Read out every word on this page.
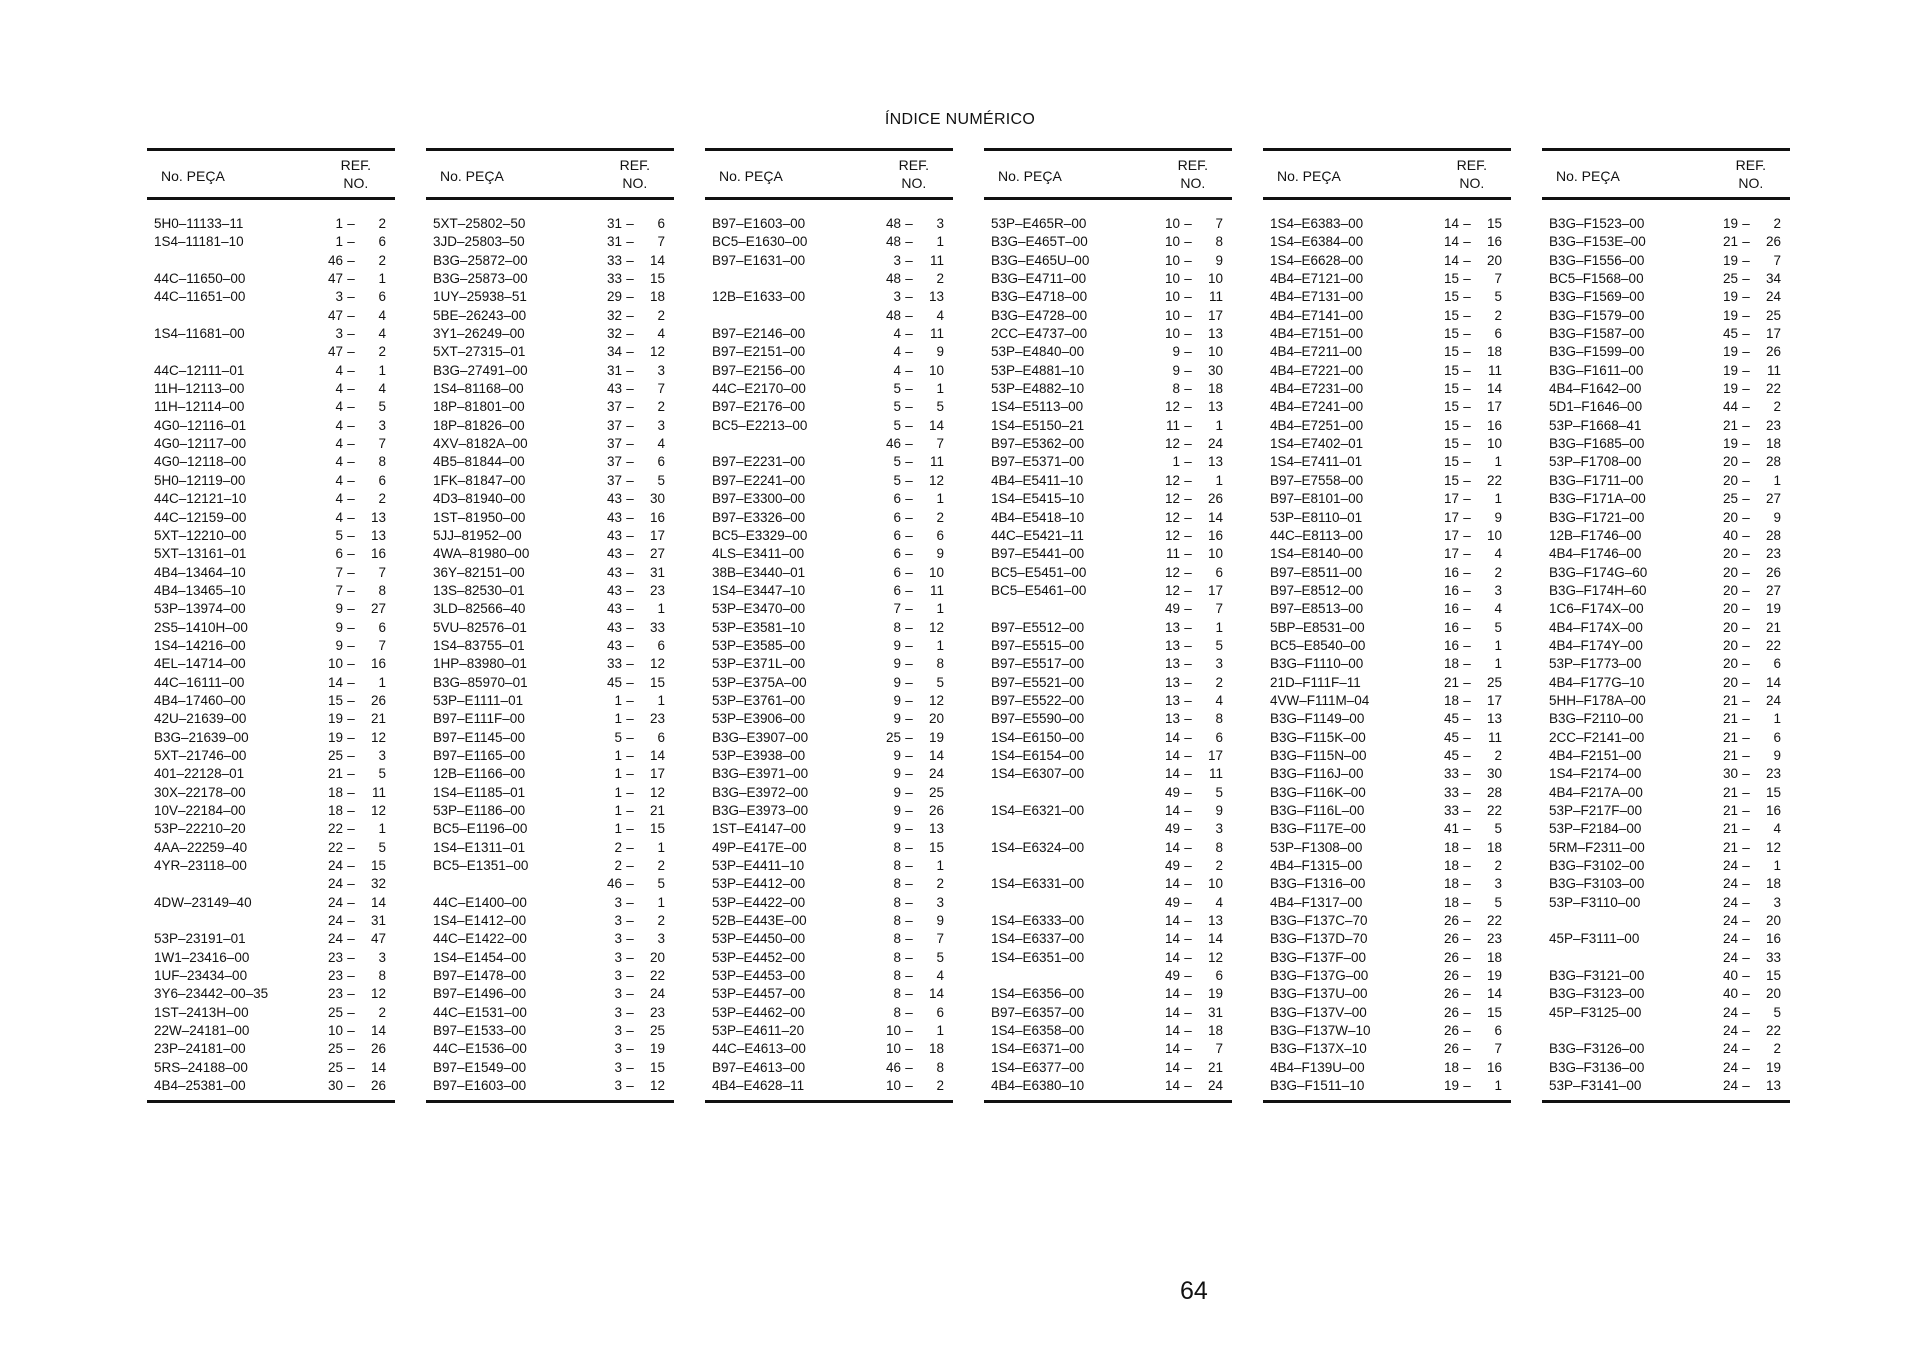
ÍNDICE NUMÉRICO
No. PEÇA
REF.
NO.
5H0–11133–11	1 –	2
1S4–11181–10	1 –	6
46 –	2
44C–11650–00	47 –	1
44C–11651–00	3 –	6
47 –	4
1S4–11681–00	3 –	4
47 –	2
44C–12111–01	4 –	1
11H–12113–00	4 –	4
11H–12114–00	4 –	5
4G0–12116–01	4 –	3
4G0–12117–00	4 –	7
4G0–12118–00	4 –	8
5H0–12119–00	4 –	6
44C–12121–10	4 –	2
44C–12159–00	4 –	13
5XT–12210–00	5 –	13
5XT–13161–01	6 –	16
4B4–13464–10	7 –	7
4B4–13465–10	7 –	8
53P–13974–00	9 –	27
2S5–1410H–00	9 –	6
1S4–14216–00	9 –	7
4EL–14714–00	10 –	16
44C–16111–00	14 –	1
4B4–17460–00	15 –	26
42U–21639–00	19 –	21
B3G–21639–00	19 –	12
5XT–21746–00	25 –	3
401–22128–01	21 –	5
30X–22178–00	18 –	11
10V–22184–00	18 –	12
53P–22210–20	22 –	1
4AA–22259–40	22 –	5
4YR–23118–00	24 –	15
24 –	32
4DW–23149–40	24 –	14
24 –	31
53P–23191–01	24 –	47
1W1–23416–00	23 –	3
1UF–23434–00	23 –	8
3Y6–23442–00–35	23 –	12
1ST–2413H–00	25 –	2
22W–24181–00	10 –	14
23P–24181–00	25 –	26
5RS–24188–00	25 –	14
4B4–25381–00	30 –	26
No. PEÇA
REF.
NO.
5XT–25802–50	31 –	6
3JD–25803–50	31 –	7
B3G–25872–00	33 –	14
B3G–25873–00	33 –	15
1UY–25938–51	29 –	18
5BE–26243–00	32 –	2
3Y1–26249–00	32 –	4
5XT–27315–01	34 –	12
B3G–27491–00	31 –	3
1S4–81168–00	43 –	7
18P–81801–00	37 –	2
18P–81826–00	37 –	3
4XV–8182A–00	37 –	4
4B5–81844–00	37 –	6
1FK–81847–00	37 –	5
4D3–81940–00	43 –	30
1ST–81950–00	43 –	16
5JJ–81952–00	43 –	17
4WA–81980–00	43 –	27
36Y–82151–00	43 –	31
13S–82530–01	43 –	23
3LD–82566–40	43 –	1
5VU–82576–01	43 –	33
1S4–83755–01	43 –	6
1HP–83980–01	33 –	12
B3G–85970–01	45 –	15
53P–E1111–01	1 –	1
B97–E111F–00	1 –	23
B97–E1145–00	5 –	6
B97–E1165–00	1 –	14
12B–E1166–00	1 –	17
1S4–E1185–01	1 –	12
53P–E1186–00	1 –	21
BC5–E1196–00	1 –	15
1S4–E1311–01	2 –	1
BC5–E1351–00	2 –	2
46 –	5
44C–E1400–00	3 –	1
1S4–E1412–00	3 –	2
44C–E1422–00	3 –	3
1S4–E1454–00	3 –	20
B97–E1478–00	3 –	22
B97–E1496–00	3 –	24
44C–E1531–00	3 –	23
B97–E1533–00	3 –	25
44C–E1536–00	3 –	19
B97–E1549–00	3 –	15
B97–E1603–00	3 –	12
No. PEÇA
REF.
NO.
B97–E1603–00	48 –	3
BC5–E1630–00	48 –	1
B97–E1631–00	3 –	11
48 –	2
12B–E1633–00	3 –	13
48 –	4
B97–E2146–00	4 –	11
B97–E2151–00	4 –	9
B97–E2156–00	4 –	10
44C–E2170–00	5 –	1
B97–E2176–00	5 –	5
BC5–E2213–00	5 –	14
46 –	7
B97–E2231–00	5 –	11
B97–E2241–00	5 –	12
B97–E3300–00	6 –	1
B97–E3326–00	6 –	2
BC5–E3329–00	6 –	6
4LS–E3411–00	6 –	9
38B–E3440–01	6 –	10
1S4–E3447–10	6 –	11
53P–E3470–00	7 –	1
53P–E3581–10	8 –	12
53P–E3585–00	9 –	1
53P–E371L–00	9 –	8
53P–E375A–00	9 –	5
53P–E3761–00	9 –	12
53P–E3906–00	9 –	20
B3G–E3907–00	25 –	19
53P–E3938–00	9 –	14
B3G–E3971–00	9 –	24
B3G–E3972–00	9 –	25
B3G–E3973–00	9 –	26
1ST–E4147–00	9 –	13
49P–E417E–00	8 –	15
53P–E4411–10	8 –	1
53P–E4412–00	8 –	2
53P–E4422–00	8 –	3
52B–E443E–00	8 –	9
53P–E4450–00	8 –	7
53P–E4452–00	8 –	5
53P–E4453–00	8 –	4
53P–E4457–00	8 –	14
53P–E4462–00	8 –	6
53P–E4611–20	10 –	1
44C–E4613–00	10 –	18
B97–E4613–00	46 –	8
4B4–E4628–11	10 –	2
No. PEÇA
REF.
NO.
53P–E465R–00	10 –	7
B3G–E465T–00	10 –	8
B3G–E465U–00	10 –	9
B3G–E4711–00	10 –	10
B3G–E4718–00	10 –	11
B3G–E4728–00	10 –	17
2CC–E4737–00	10 –	13
53P–E4840–00	9 –	10
53P–E4881–10	9 –	30
53P–E4882–10	8 –	18
1S4–E5113–00	12 –	13
1S4–E5150–21	11 –	1
B97–E5362–00	12 –	24
B97–E5371–00	1 –	13
4B4–E5411–10	12 –	1
1S4–E5415–10	12 –	26
4B4–E5418–10	12 –	14
44C–E5421–11	12 –	16
B97–E5441–00	11 –	10
BC5–E5451–00	12 –	6
BC5–E5461–00	12 –	17
49 –	7
B97–E5512–00	13 –	1
B97–E5515–00	13 –	5
B97–E5517–00	13 –	3
B97–E5521–00	13 –	2
B97–E5522–00	13 –	4
B97–E5590–00	13 –	8
1S4–E6150–00	14 –	6
1S4–E6154–00	14 –	17
1S4–E6307–00	14 –	11
49 –	5
1S4–E6321–00	14 –	9
49 –	3
1S4–E6324–00	14 –	8
49 –	2
1S4–E6331–00	14 –	10
49 –	4
1S4–E6333–00	14 –	13
1S4–E6337–00	14 –	14
1S4–E6351–00	14 –	12
49 –	6
1S4–E6356–00	14 –	19
B97–E6357–00	14 –	31
1S4–E6358–00	14 –	18
1S4–E6371–00	14 –	7
1S4–E6377–00	14 –	21
4B4–E6380–10	14 –	24
No. PEÇA
REF.
NO.
1S4–E6383–00	14 –	15
1S4–E6384–00	14 –	16
1S4–E6628–00	14 –	20
4B4–E7121–00	15 –	7
4B4–E7131–00	15 –	5
4B4–E7141–00	15 –	2
4B4–E7151–00	15 –	6
4B4–E7211–00	15 –	18
4B4–E7221–00	15 –	11
4B4–E7231–00	15 –	14
4B4–E7241–00	15 –	17
4B4–E7251–00	15 –	16
1S4–E7402–01	15 –	10
1S4–E7411–01	15 –	1
B97–E7558–00	15 –	22
B97–E8101–00	17 –	1
53P–E8110–01	17 –	9
44C–E8113–00	17 –	10
1S4–E8140–00	17 –	4
B97–E8511–00	16 –	2
B97–E8512–00	16 –	3
B97–E8513–00	16 –	4
5BP–E8531–00	16 –	5
BC5–E8540–00	16 –	1
B3G–F1110–00	18 –	1
21D–F111F–11	21 –	25
4VW–F111M–04	18 –	17
B3G–F1149–00	45 –	13
B3G–F115K–00	45 –	11
B3G–F115N–00	45 –	2
B3G–F116J–00	33 –	30
B3G–F116K–00	33 –	28
B3G–F116L–00	33 –	22
B3G–F117E–00	41 –	5
53P–F1308–00	18 –	18
4B4–F1315–00	18 –	2
B3G–F1316–00	18 –	3
4B4–F1317–00	18 –	5
B3G–F137C–70	26 –	22
B3G–F137D–70	26 –	23
B3G–F137F–00	26 –	18
B3G–F137G–00	26 –	19
B3G–F137U–00	26 –	14
B3G–F137V–00	26 –	15
B3G–F137W–10	26 –	6
B3G–F137X–10	26 –	7
4B4–F139U–00	18 –	16
B3G–F1511–10	19 –	1
No. PEÇA
REF.
NO.
B3G–F1523–00	19 –	2
B3G–F153E–00	21 –	26
B3G–F1556–00	19 –	7
BC5–F1568–00	25 –	34
B3G–F1569–00	19 –	24
B3G–F1579–00	19 –	25
B3G–F1587–00	45 –	17
B3G–F1599–00	19 –	26
B3G–F1611–00	19 –	11
4B4–F1642–00	19 –	22
5D1–F1646–00	44 –	2
53P–F1668–41	21 –	23
B3G–F1685–00	19 –	18
53P–F1708–00	20 –	28
B3G–F1711–00	20 –	1
B3G–F171A–00	25 –	27
B3G–F1721–00	20 –	9
12B–F1746–00	40 –	28
4B4–F1746–00	20 –	23
B3G–F174G–60	20 –	26
B3G–F174H–60	20 –	27
1C6–F174X–00	20 –	19
4B4–F174X–00	20 –	21
4B4–F174Y–00	20 –	22
53P–F1773–00	20 –	6
4B4–F177G–10	20 –	14
5HH–F178A–00	21 –	24
B3G–F2110–00	21 –	1
2CC–F2141–00	21 –	6
4B4–F2151–00	21 –	9
1S4–F2174–00	30 –	23
4B4–F217A–00	21 –	15
53P–F217F–00	21 –	16
53P–F2184–00	21 –	4
5RM–F2311–00	21 –	12
B3G–F3102–00	24 –	1
B3G–F3103–00	24 –	18
53P–F3110–00	24 –	3
24 –	20
45P–F3111–00	24 –	16
24 –	33
B3G–F3121–00	40 –	15
B3G–F3123–00	40 –	20
45P–F3125–00	24 –	5
24 –	22
B3G–F3126–00	24 –	2
B3G–F3136–00	24 –	19
53P–F3141–00	24 –	13
64
